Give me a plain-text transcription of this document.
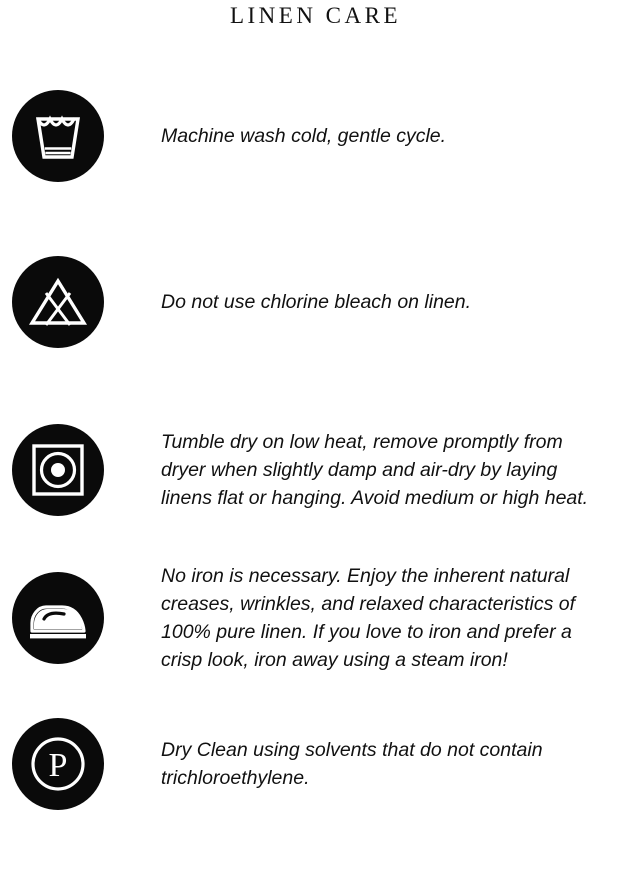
LINEN CARE

Machine wash cold, gentle cycle.

Do not use chlorine bleach on linen.

Tumble dry on low heat, remove promptly from dryer when slightly damp and air-dry by laying linens flat or hanging. Avoid medium or high heat.

No iron is necessary. Enjoy the inherent natural creases, wrinkles, and relaxed characteristics of 100% pure linen. If you love to iron and prefer a crisp look, iron away using a steam iron!

P	Dry Clean using solvents that do not contain trichloroethylene.
